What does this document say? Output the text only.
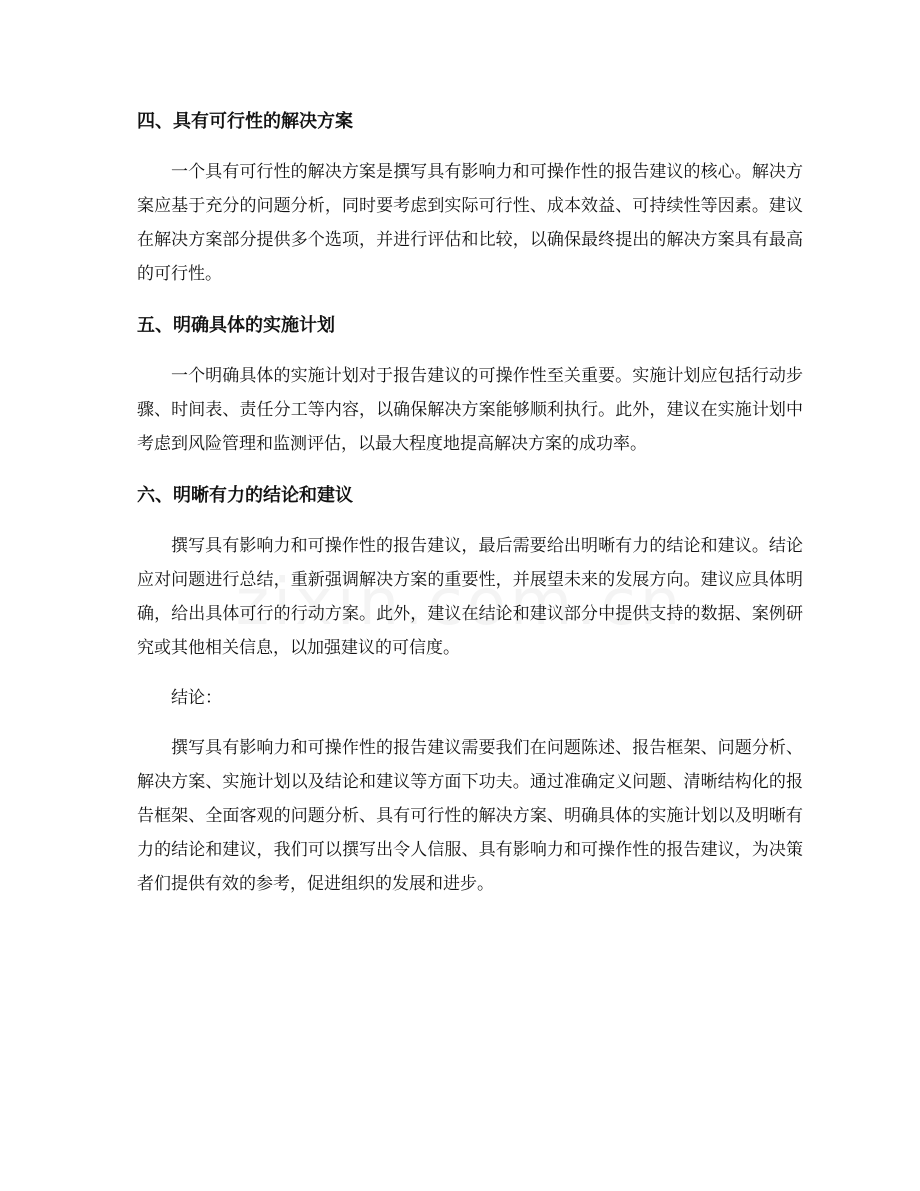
四、具有可行性的解决方案

一个具有可行性的解决方案是撰写具有影响力和可操作性的报告建议的核心。解决方案应基于充分的问题分析，同时要考虑到实际可行性、成本效益、可持续性等因素。建议在解决方案部分提供多个选项，并进行评估和比较，以确保最终提出的解决方案具有最高的可行性。

五、明确具体的实施计划

一个明确具体的实施计划对于报告建议的可操作性至关重要。实施计划应包括行动步骤、时间表、责任分工等内容，以确保解决方案能够顺利执行。此外，建议在实施计划中考虑到风险管理和监测评估，以最大程度地提高解决方案的成功率。

六、明晰有力的结论和建议

撰写具有影响力和可操作性的报告建议，最后需要给出明晰有力的结论和建议。结论应对问题进行总结，重新强调解决方案的重要性，并展望未来的发展方向。建议应具体明确，给出具体可行的行动方案。此外，建议在结论和建议部分中提供支持的数据、案例研究或其他相关信息，以加强建议的可信度。

结论：

撰写具有影响力和可操作性的报告建议需要我们在问题陈述、报告框架、问题分析、解决方案、实施计划以及结论和建议等方面下功夫。通过准确定义问题、清晰结构化的报告框架、全面客观的问题分析、具有可行性的解决方案、明确具体的实施计划以及明晰有力的结论和建议，我们可以撰写出令人信服、具有影响力和可操作性的报告建议，为决策者们提供有效的参考，促进组织的发展和进步。
